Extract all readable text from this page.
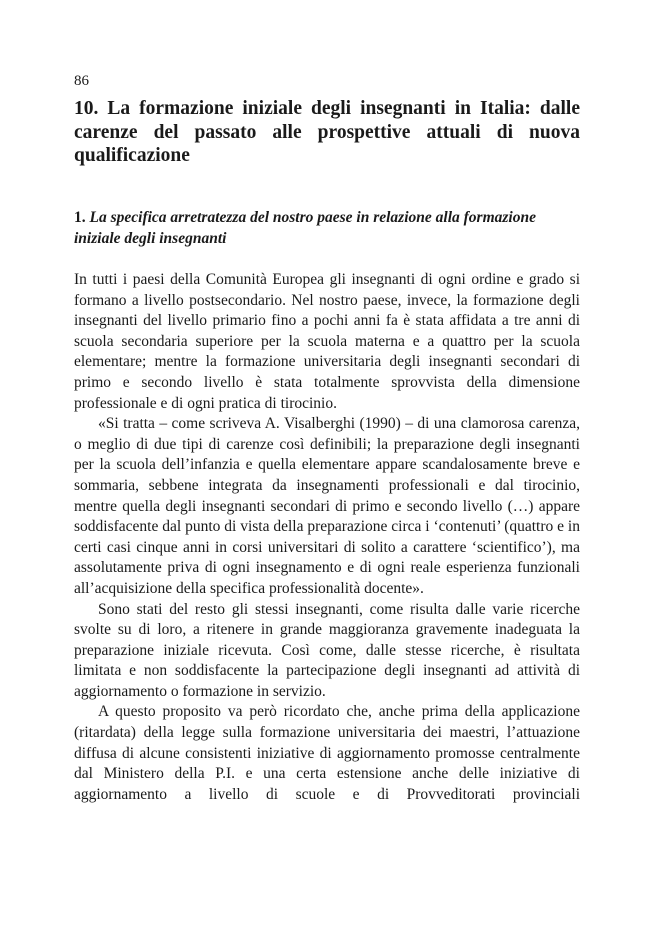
86
10. La formazione iniziale degli insegnanti in Italia: dalle carenze del passato alle prospettive attuali di nuova qualificazione
1. La specifica arretratezza del nostro paese in relazione alla formazione iniziale degli insegnanti

In tutti i paesi della Comunità Europea gli insegnanti di ogni ordine e grado si formano a livello postsecondario. Nel nostro paese, invece, la formazione degli insegnanti del livello primario fino a pochi anni fa è stata affidata a tre anni di scuola secondaria superiore per la scuola materna e a quattro per la scuola elementare; mentre la formazione universitaria degli insegnanti secondari di primo e secondo livello è stata totalmente sprovvista della dimensione professionale e di ogni pratica di tirocinio.

«Si tratta – come scriveva A. Visalberghi (1990) – di una clamorosa carenza, o meglio di due tipi di carenze così definibili; la preparazione degli insegnanti per la scuola dell’infanzia e quella elementare appare scandalosamente breve e sommaria, sebbene integrata da insegnamenti professionali e dal tirocinio, mentre quella degli insegnanti secondari di primo e secondo livello (…) appare soddisfacente dal punto di vista della preparazione circa i ‘contenuti’ (quattro e in certi casi cinque anni in corsi universitari di solito a carattere ‘scientifico’), ma assolutamente priva di ogni insegnamento e di ogni reale esperienza funzionali all’acquisizione della specifica professionalità docente».

Sono stati del resto gli stessi insegnanti, come risulta dalle varie ricerche svolte su di loro, a ritenere in grande maggioranza gravemente inadeguata la preparazione iniziale ricevuta. Così come, dalle stesse ricerche, è risultata limitata e non soddisfacente la partecipazione degli insegnanti ad attività di aggiornamento o formazione in servizio.

A questo proposito va però ricordato che, anche prima della applicazione (ritardata) della legge sulla formazione universitaria dei maestri, l’attuazione diffusa di alcune consistenti iniziative di aggiornamento promosse centralmente dal Ministero della P.I. e una certa estensione anche delle iniziative di aggiornamento a livello di scuole e di Provveditorati provinciali
